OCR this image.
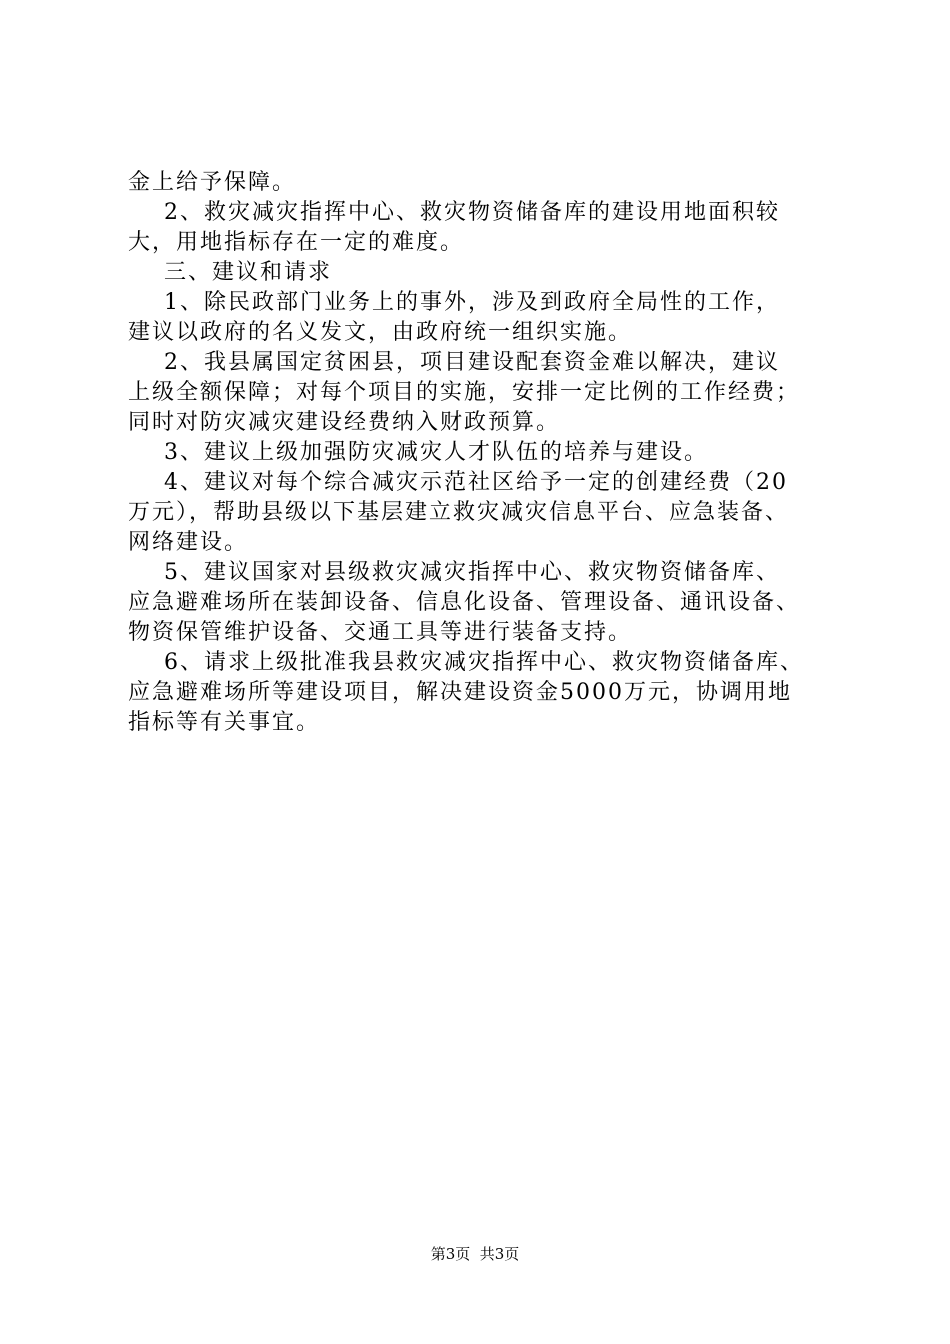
金上给予保障。
2、救灾减灾指挥中心、救灾物资储备库的建设用地面积较
大，用地指标存在一定的难度。
三、建议和请求
1、除民政部门业务上的事外，涉及到政府全局性的工作，
建议以政府的名义发文，由政府统一组织实施。
2、我县属国定贫困县，项目建设配套资金难以解决，建议
上级全额保障；对每个项目的实施，安排一定比例的工作经费；
同时对防灾减灾建设经费纳入财政预算。
3、建议上级加强防灾减灾人才队伍的培养与建设。
4、建议对每个综合减灾示范社区给予一定的创建经费（20
万元），帮助县级以下基层建立救灾减灾信息平台、应急装备、
网络建设。
5、建议国家对县级救灾减灾指挥中心、救灾物资储备库、
应急避难场所在装卸设备、信息化设备、管理设备、通讯设备、
物资保管维护设备、交通工具等进行装备支持。
6、请求上级批准我县救灾减灾指挥中心、救灾物资储备库、
应急避难场所等建设项目，解决建设资金5000万元，协调用地
指标等有关事宜。
第3页  共3页
